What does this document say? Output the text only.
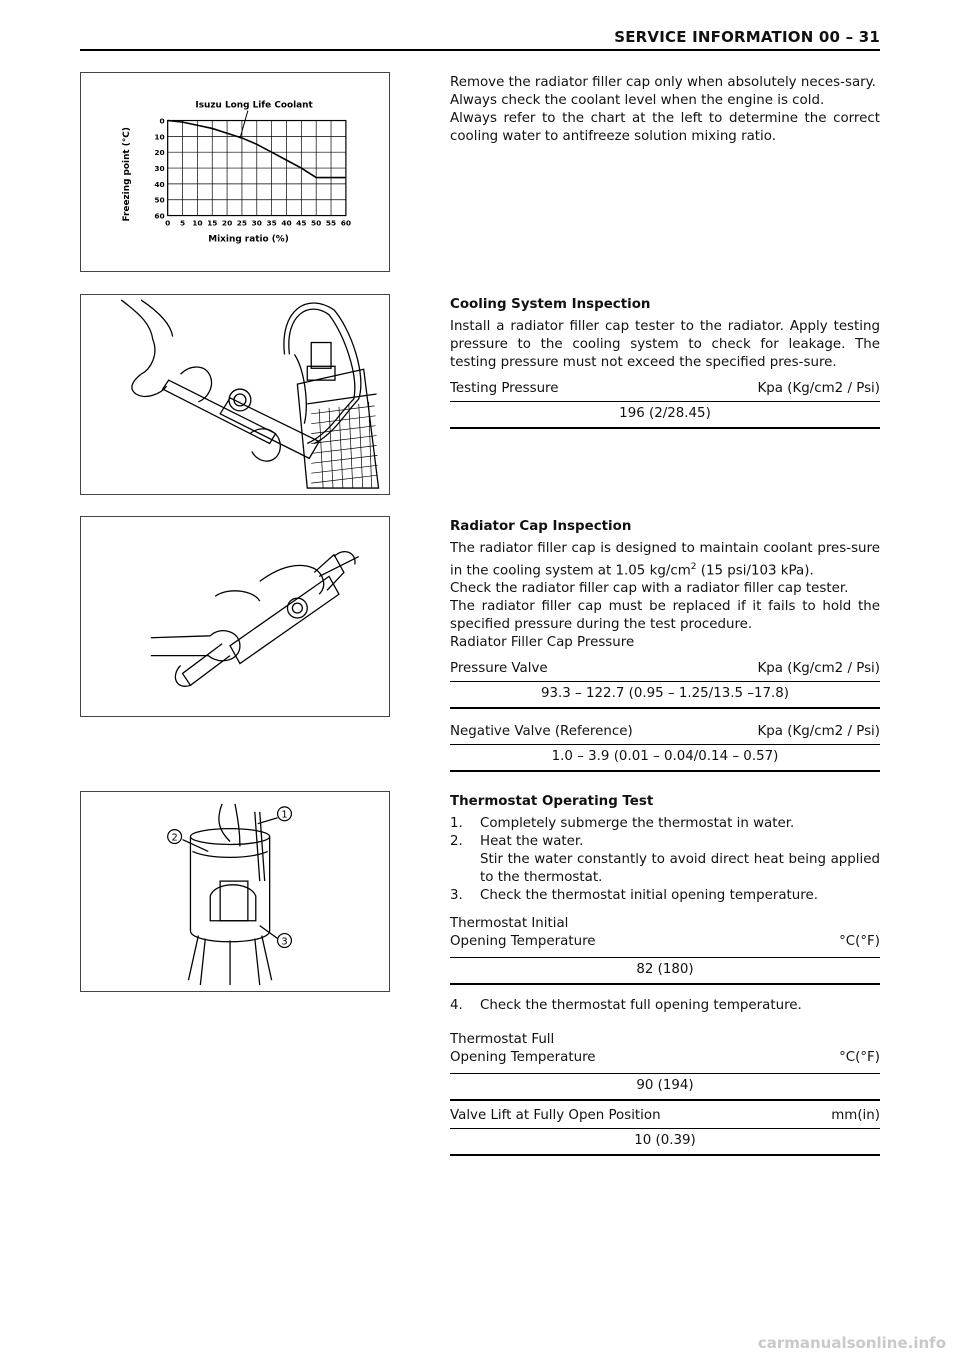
SERVICE INFORMATION 00 – 31
Isuzu Long Life Coolant
Freezing point (°C)
Mixing ratio (%)
0 5 10 15 20 25 30 35 40 45 50 55 60
0
10
20
30
40
50
60
1
2
3

Remove the radiator filler cap only when absolutely neces-sary.

Always check the coolant level when the engine is cold.

Always refer to the chart at the left to determine the correct cooling water to antifreeze solution mixing ratio.

Cooling System Inspection

Install a radiator filler cap tester to the radiator. Apply testing pressure to the cooling system to check for leakage. The testing pressure must not exceed the specified pres-sure.

Testing Pressure	Kpa (Kg/cm2 / Psi)
196 (2/28.45)

Radiator Cap Inspection

The radiator filler cap is designed to maintain coolant pres-sure in the cooling system at 1.05 $kg/cm^2$ (15 psi/103 kPa).

Check the radiator filler cap with a radiator filler cap tester.

The radiator filler cap must be replaced if it fails to hold the specified pressure during the test procedure.

Radiator Filler Cap Pressure

Pressure Valve	Kpa (Kg/cm2 / Psi)
93.3 – 122.7 (0.95 – 1.25/13.5 –17.8)
Negative Valve (Reference)	Kpa (Kg/cm2 / Psi)
1.0 – 3.9 (0.01 – 0.04/0.14 – 0.57)

Thermostat Operating Test

1.	Completely submerge the thermostat in water.
2.	Heat the water.
Stir the water constantly to avoid direct heat being applied to the thermostat.
3.	Check the thermostat initial opening temperature.
Thermostat Initial
Opening Temperature	°C(°F)
82 (180)
4.	Check the thermostat full opening temperature.
Thermostat Full
Opening Temperature	°C(°F)
90 (194)
Valve Lift at Fully Open Position	mm(in)
10 (0.39)
carmanualsonline.info
